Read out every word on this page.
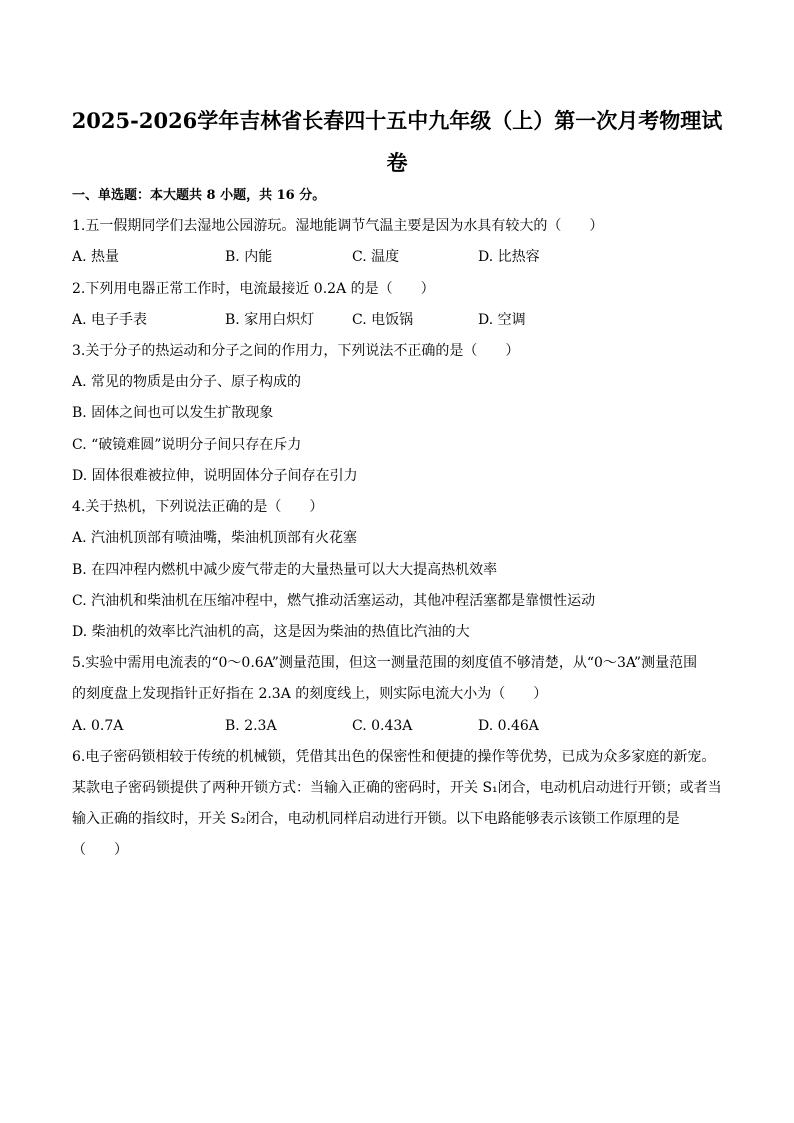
2025-2026学年吉林省长春四十五中九年级（上）第一次月考物理试
卷
一、单选题：本大题共 8 小题，共 16 分。
1.五一假期同学们去湿地公园游玩。湿地能调节气温主要是因为水具有较大的（　　）
A. 热量	B. 内能	C. 温度	D. 比热容
2.下列用电器正常工作时，电流最接近 0.2A 的是（　　）
A. 电子手表	B. 家用白炽灯	C. 电饭锅	D. 空调
3.关于分子的热运动和分子之间的作用力，下列说法不正确的是（　　）
A. 常见的物质是由分子、原子构成的
B. 固体之间也可以发生扩散现象
C. “破镜难圆”说明分子间只存在斥力
D. 固体很难被拉伸，说明固体分子间存在引力
4.关于热机，下列说法正确的是（　　）
A. 汽油机顶部有喷油嘴，柴油机顶部有火花塞
B. 在四冲程内燃机中减少废气带走的大量热量可以大大提高热机效率
C. 汽油机和柴油机在压缩冲程中，燃气推动活塞运动，其他冲程活塞都是靠惯性运动
D. 柴油机的效率比汽油机的高，这是因为柴油的热值比汽油的大
5.实验中需用电流表的“0～0.6A”测量范围，但这一测量范围的刻度值不够清楚，从“0～3A”测量范围
的刻度盘上发现指针正好指在 2.3A 的刻度线上，则实际电流大小为（　　）
A. 0.7A	B. 2.3A	C. 0.43A	D. 0.46A
6.电子密码锁相较于传统的机械锁，凭借其出色的保密性和便捷的操作等优势，已成为众多家庭的新宠。
某款电子密码锁提供了两种开锁方式：当输入正确的密码时，开关 S₁闭合，电动机启动进行开锁；或者当
输入正确的指纹时，开关 S₂闭合，电动机同样启动进行开锁。以下电路能够表示该锁工作原理的是
（　　）
